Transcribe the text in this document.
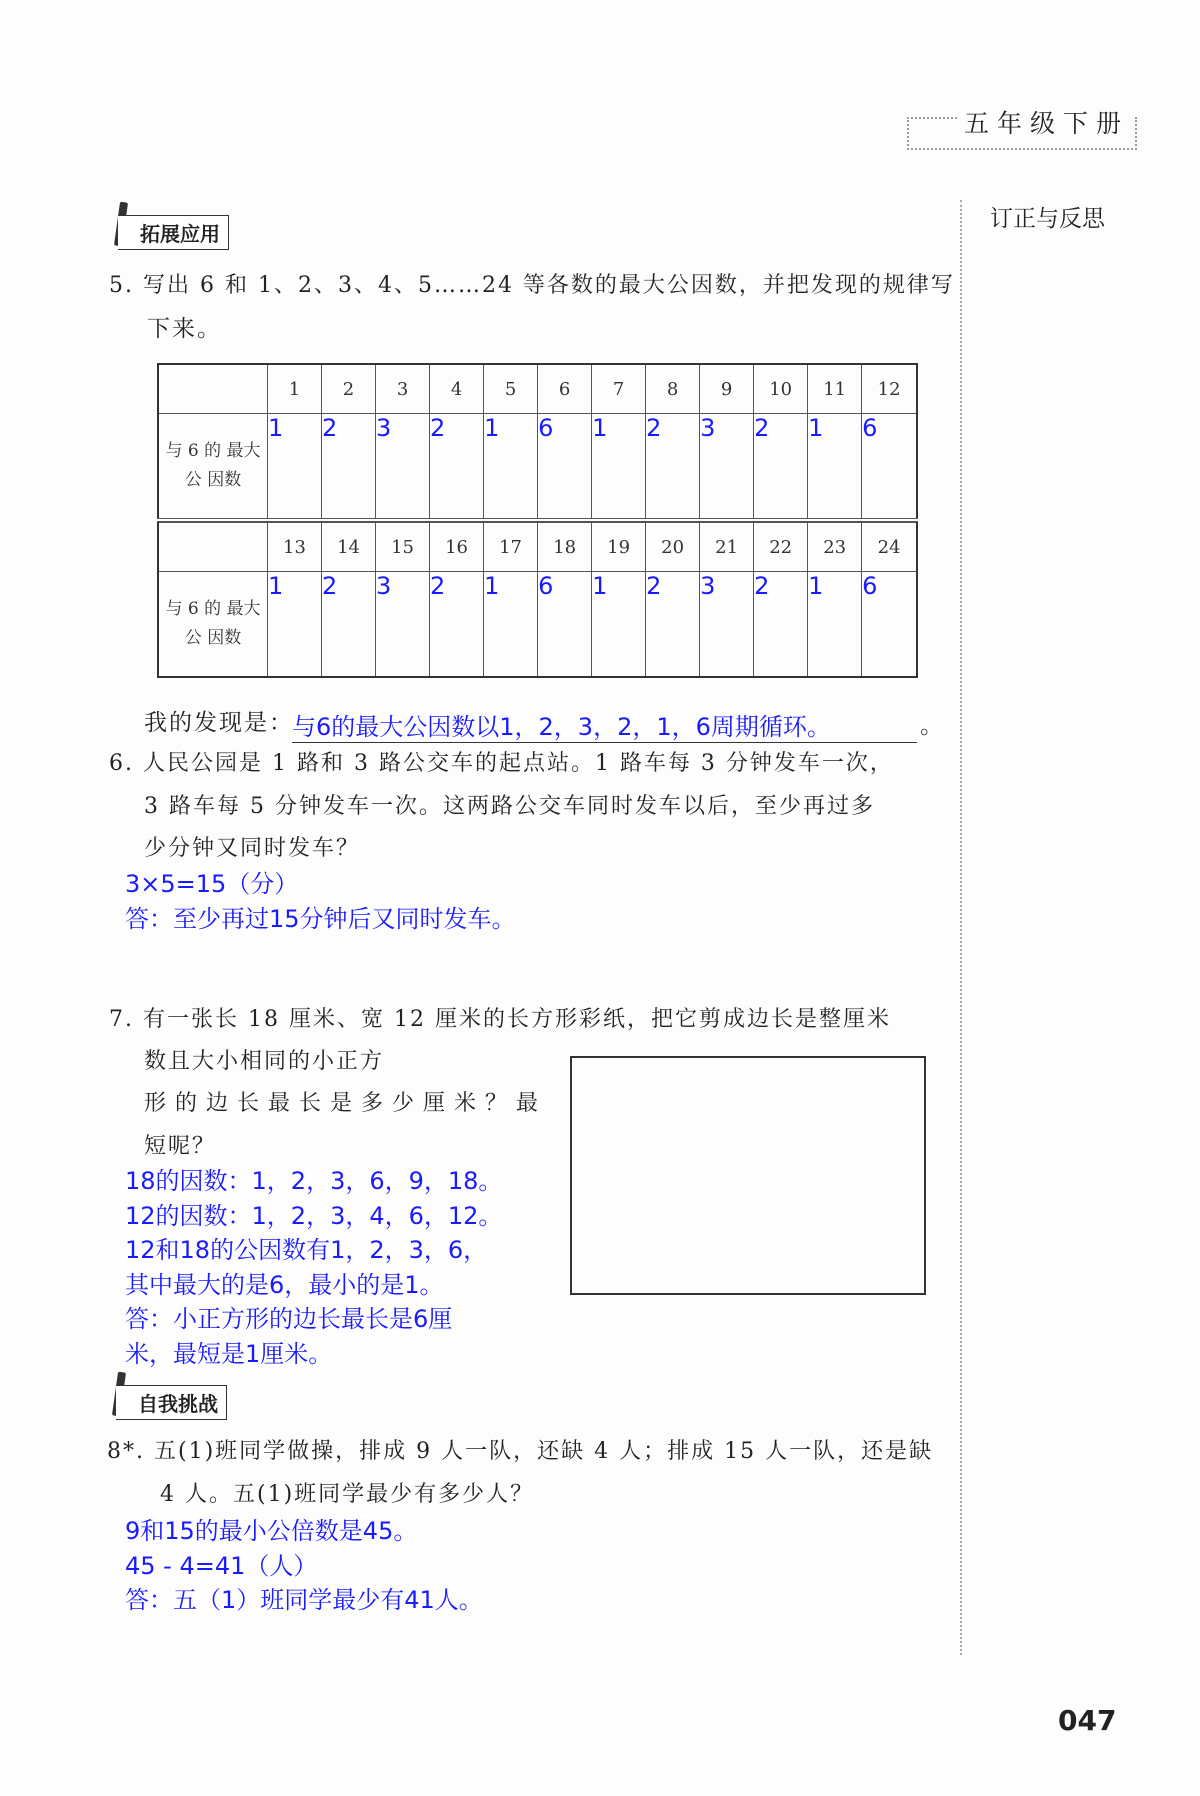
五年级下册
订正与反思
拓展应用
5. 写出 6 和 1、2、3、4、5……24 等各数的最大公因数，并把发现的规律写
下来。
	1	2	3	4	5	6	7	8	9	10	11	12
与 6 的 最大公 因数	1	2	3	2	1	6	1	2	3	2	1	6

	13	14	15	16	17	18	19	20	21	22	23	24
与 6 的 最大公 因数	1	2	3	2	1	6	1	2	3	2	1	6
我的发现是：
与6的最大公因数以1，2，3，2，1，6周期循环。	。
6. 人民公园是 1 路和 3 路公交车的起点站。1 路车每 3 分钟发车一次，
3 路车每 5 分钟发车一次。这两路公交车同时发车以后，至少再过多
少分钟又同时发车？
3×5=15（分）
答：至少再过15分钟后又同时发车。
7. 有一张长 18 厘米、宽 12 厘米的长方形彩纸，把它剪成边长是整厘米
数且大小相同的小正方
形的边长最长是多少厘米？最
短呢？
18的因数：1，2，3，6，9，18。
12的因数：1，2，3，4，6，12。
12和18的公因数有1，2，3，6，
其中最大的是6，最小的是1。
答：小正方形的边长最长是6厘
米，最短是1厘米。
自我挑战
8*. 五(1)班同学做操，排成 9 人一队，还缺 4 人；排成 15 人一队，还是缺
4 人。五(1)班同学最少有多少人？
9和15的最小公倍数是45。
45 - 4=41（人）
答：五（1）班同学最少有41人。
047
